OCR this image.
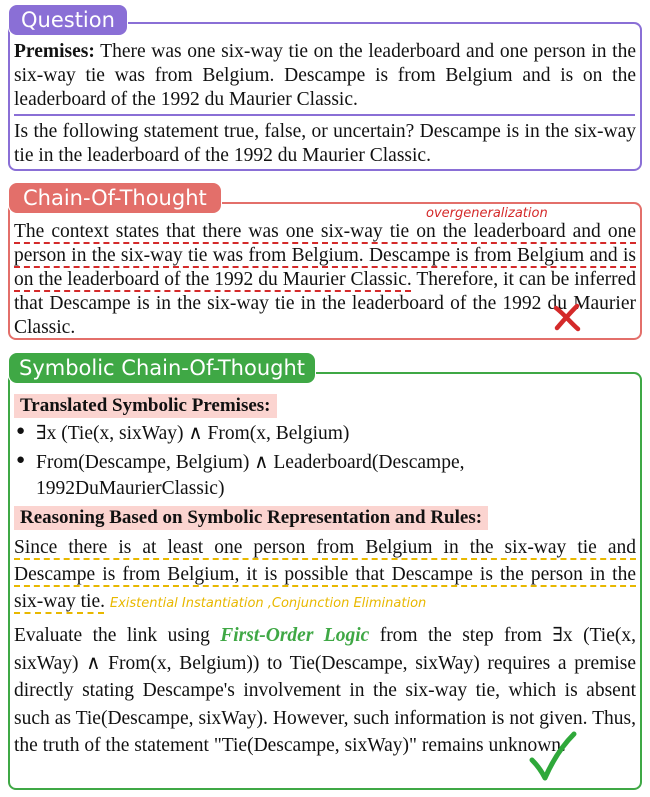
Question
Premises: There was one six-way tie on the leaderboard and one person in the six-way tie was from Belgium. Descampe is from Belgium and is on the leaderboard of the 1992 du Maurier Classic.
Is the following statement true, false, or uncertain? Descampe is in the six-way tie in the leaderboard of the 1992 du Maurier Classic.
Chain-Of-Thought
overgeneralization
The context states that there was one six-way tie on the leaderboard and one person in the six-way tie was from Belgium. Descampe is from Belgium and is on the leaderboard of the 1992 du Maurier Classic. Therefore, it can be inferred that Descampe is in the six-way tie in the leaderboard of the 1992 du Maurier Classic.
Symbolic Chain-Of-Thought
Translated Symbolic Premises:
● ∃x (Tie(x, sixWay) ∧ From(x, Belgium)
● From(Descampe, Belgium) ∧ Leaderboard(Descampe, 1992DuMaurierClassic)
Reasoning Based on Symbolic Representation and Rules:
Since there is at least one person from Belgium in the six-way tie and Descampe is from Belgium, it is possible that Descampe is the person in the six-way tie. Existential Instantiation ,Conjunction Elimination
Evaluate the link using First-Order Logic from the step from ∃x (Tie(x, sixWay) ∧ From(x, Belgium)) to Tie(Descampe, sixWay) requires a premise directly stating Descampe's involvement in the six-way tie, which is absent such as Tie(Descampe, sixWay). However, such information is not given. Thus, the truth of the statement "Tie(Descampe, sixWay)" remains unknown.
